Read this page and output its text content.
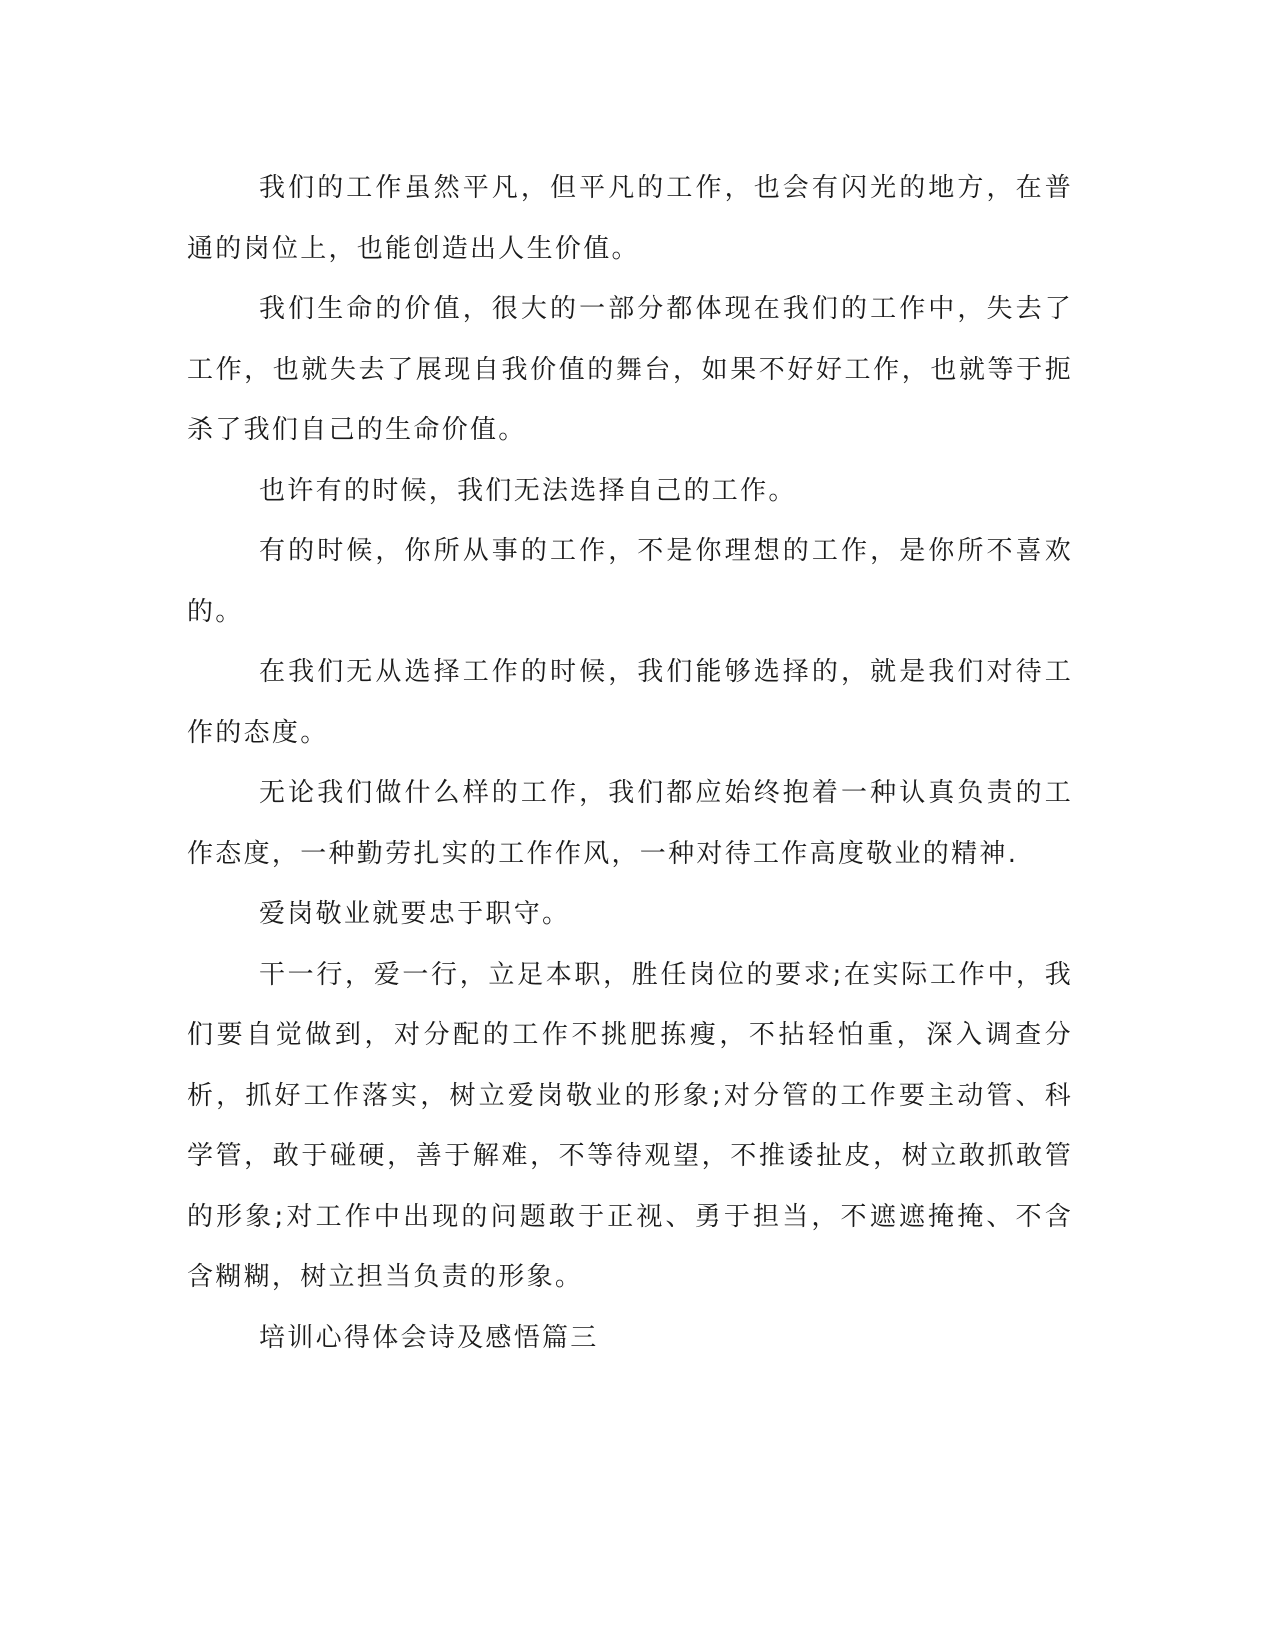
我们的工作虽然平凡，但平凡的工作，也会有闪光的地方，在普通的岗位上，也能创造出人生价值。

我们生命的价值，很大的一部分都体现在我们的工作中，失去了工作，也就失去了展现自我价值的舞台，如果不好好工作，也就等于扼杀了我们自己的生命价值。

也许有的时候，我们无法选择自己的工作。

有的时候，你所从事的工作，不是你理想的工作，是你所不喜欢的。

在我们无从选择工作的时候，我们能够选择的，就是我们对待工作的态度。

无论我们做什么样的工作，我们都应始终抱着一种认真负责的工作态度，一种勤劳扎实的工作作风，一种对待工作高度敬业的精神.

爱岗敬业就要忠于职守。

干一行，爱一行，立足本职，胜任岗位的要求;在实际工作中，我们要自觉做到，对分配的工作不挑肥拣瘦，不拈轻怕重，深入调查分析，抓好工作落实，树立爱岗敬业的形象;对分管的工作要主动管、科学管，敢于碰硬，善于解难，不等待观望，不推诿扯皮，树立敢抓敢管的形象;对工作中出现的问题敢于正视、勇于担当，不遮遮掩掩、不含含糊糊，树立担当负责的形象。

培训心得体会诗及感悟篇三
